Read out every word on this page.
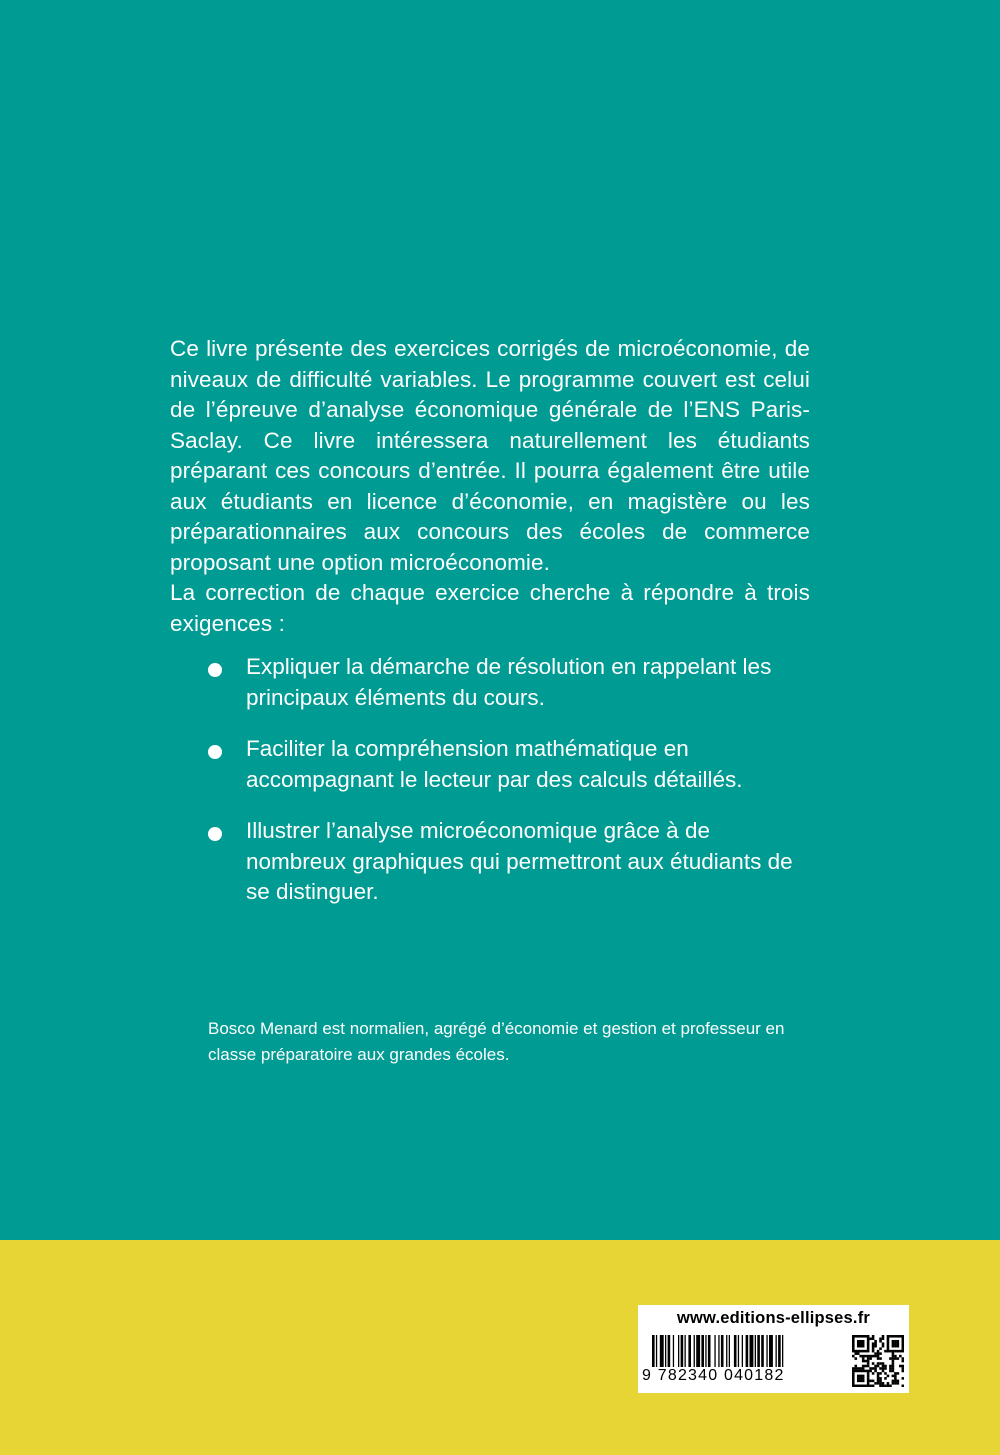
Ce livre présente des exercices corrigés de microéconomie, de niveaux de difficulté variables. Le programme couvert est celui de l’épreuve d’analyse économique générale de l’ENS Paris-Saclay. Ce livre intéressera naturellement les étudiants préparant ces concours d’entrée. Il pourra également être utile aux étudiants en licence d’économie, en magistère ou les préparationnaires aux concours des écoles de commerce proposant une option microéconomie.

La correction de chaque exercice cherche à répondre à trois exigences :

Expliquer la démarche de résolution en rappelant les principaux éléments du cours.
Faciliter la compréhension mathématique en accompagnant le lecteur par des calculs détaillés.
Illustrer l’analyse microéconomique grâce à de nombreux graphiques qui permettront aux étudiants de se distinguer.
Bosco Menard est normalien, agrégé d’économie et gestion et professeur en classe préparatoire aux grandes écoles.
www.editions-ellipses.fr
9 782340 040182
